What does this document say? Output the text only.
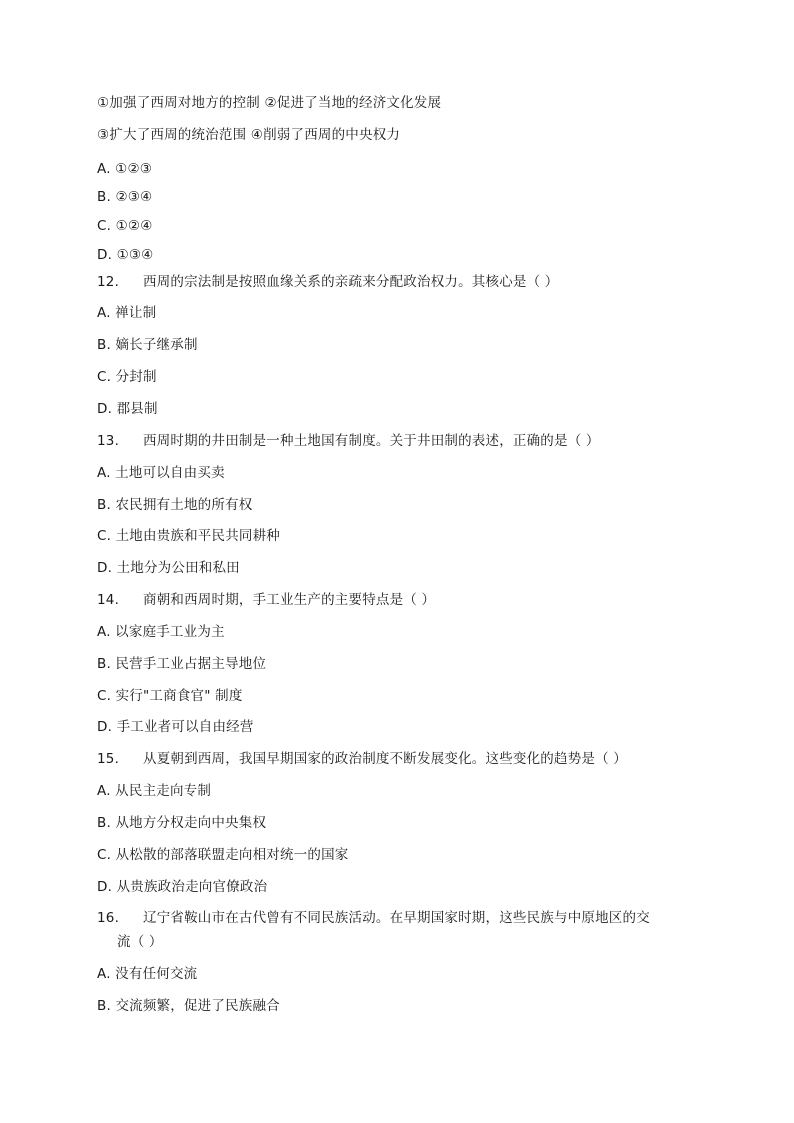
①加强了西周对地方的控制 ②促进了当地的经济文化发展
③扩大了西周的统治范围 ④削弱了西周的中央权力
A. ①②③
B. ②③④
C. ①②④
D. ①③④
12. 西周的宗法制是按照血缘关系的亲疏来分配政治权力。其核心是（ ）
A. 禅让制
B. 嫡长子继承制
C. 分封制
D. 郡县制
13. 西周时期的井田制是一种土地国有制度。关于井田制的表述，正确的是（ ）
A. 土地可以自由买卖
B. 农民拥有土地的所有权
C. 土地由贵族和平民共同耕种
D. 土地分为公田和私田
14. 商朝和西周时期，手工业生产的主要特点是（ ）
A. 以家庭手工业为主
B. 民营手工业占据主导地位
C. 实行"工商食官" 制度
D. 手工业者可以自由经营
15. 从夏朝到西周，我国早期国家的政治制度不断发展变化。这些变化的趋势是（ ）
A. 从民主走向专制
B. 从地方分权走向中央集权
C. 从松散的部落联盟走向相对统一的国家
D. 从贵族政治走向官僚政治
16. 辽宁省鞍山市在古代曾有不同民族活动。在早期国家时期，这些民族与中原地区的交
流（ ）
A. 没有任何交流
B. 交流频繁，促进了民族融合
